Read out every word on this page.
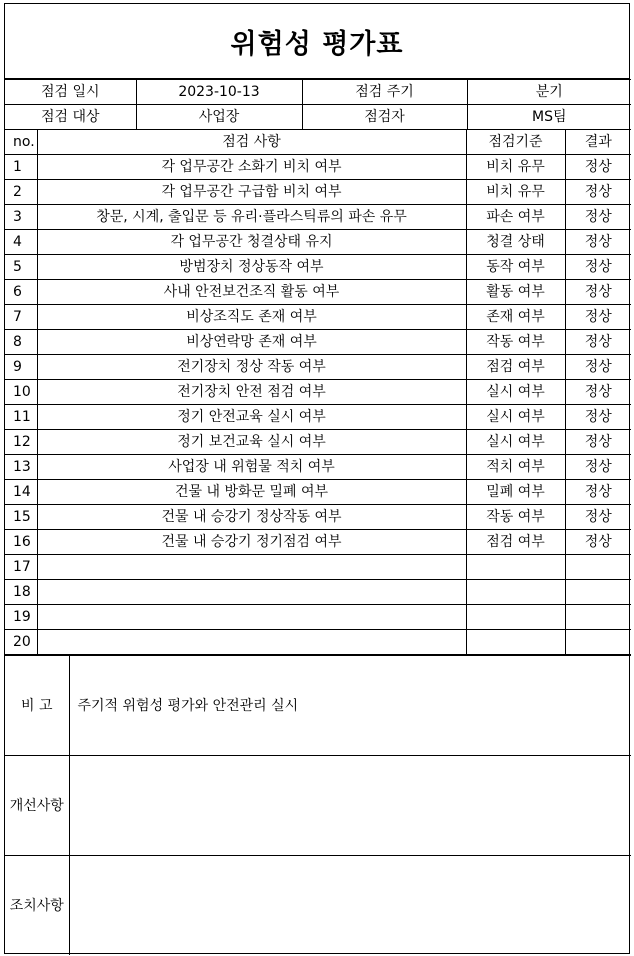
위험성 평가표
점검 일시	2023-10-13	점검 주기	분기
점검 대상	사업장	점검자	MS팀
no.	점검 사항	점검기준	결과
1	각 업무공간 소화기 비치 여부	비치 유무	정상
2	각 업무공간 구급함 비치 여부	비치 유무	정상
3	창문, 시계, 출입문 등 유리·플라스틱류의 파손 유무	파손 여부	정상
4	각 업무공간 청결상태 유지	청결 상태	정상
5	방범장치 정상동작 여부	동작 여부	정상
6	사내 안전보건조직 활동 여부	활동 여부	정상
7	비상조직도 존재 여부	존재 여부	정상
8	비상연락망 존재 여부	작동 여부	정상
9	전기장치 정상 작동 여부	점검 여부	정상
10	전기장치 안전 점검 여부	실시 여부	정상
11	정기 안전교육 실시 여부	실시 여부	정상
12	정기 보건교육 실시 여부	실시 여부	정상
13	사업장 내 위험물 적치 여부	적치 여부	정상
14	건물 내 방화문 밀폐 여부	밀폐 여부	정상
15	건물 내 승강기 정상작동 여부	작동 여부	정상
16	건물 내 승강기 정기점검 여부	점검 여부	정상
17			
18			
19			
20			
비 고	주기적 위험성 평가와 안전관리 실시
개선사항	
조치사항	
